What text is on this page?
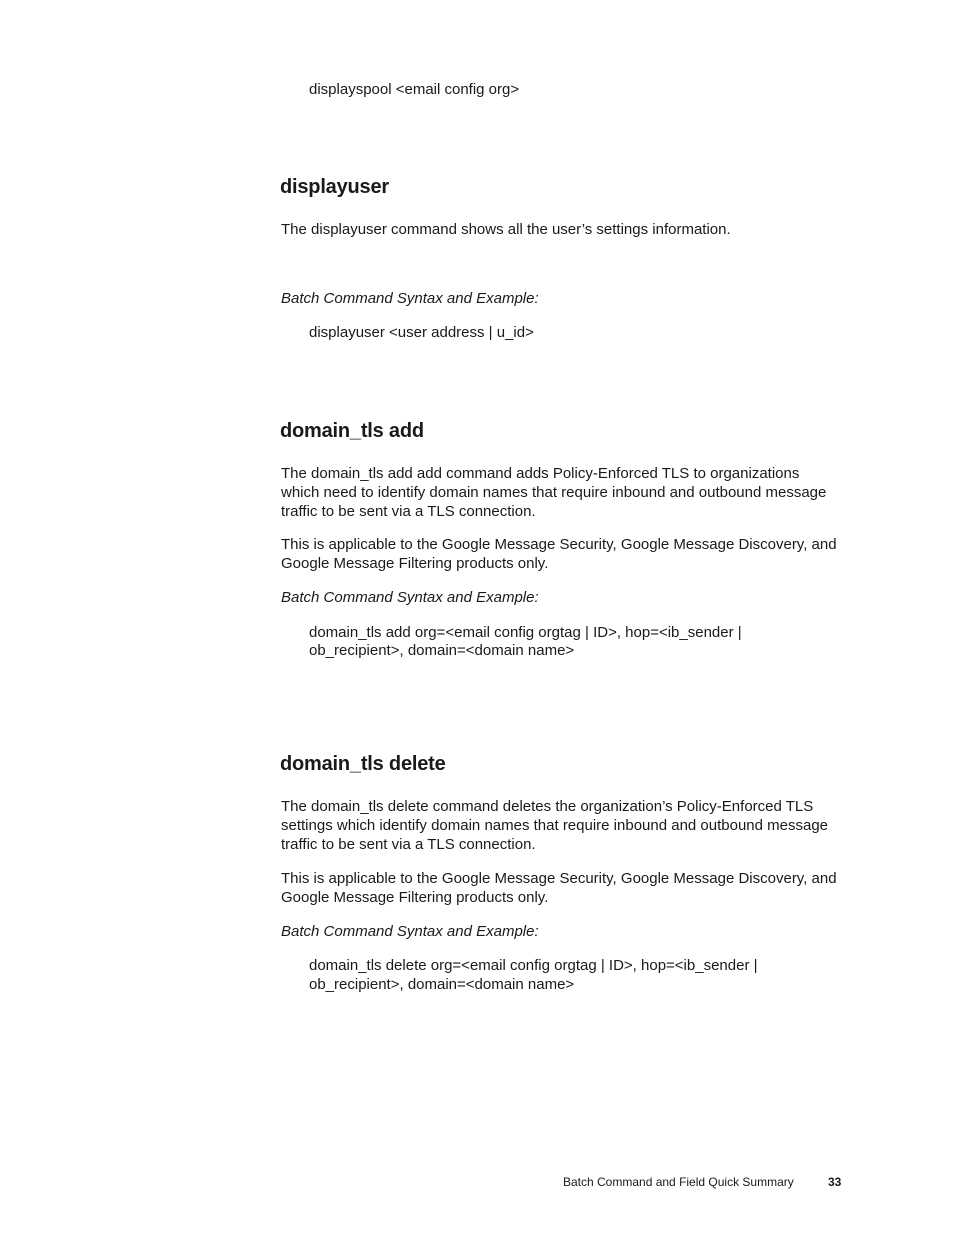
displayspool <email config org>

displayuser

The displayuser command shows all the user’s settings information.

Batch Command Syntax and Example:

displayuser <user address | u_id>

domain_tls add

The domain_tls add add command adds Policy-Enforced TLS to organizations which need to identify domain names that require inbound and outbound message traffic to be sent via a TLS connection.

This is applicable to the Google Message Security, Google Message Discovery, and Google Message Filtering products only.

Batch Command Syntax and Example:

domain_tls add org=<email config orgtag | ID>, hop=<ib_sender |

ob_recipient>, domain=<domain name>

domain_tls delete

The domain_tls delete command deletes the organization’s Policy-Enforced TLS settings which identify domain names that require inbound and outbound message traffic to be sent via a TLS connection.

This is applicable to the Google Message Security, Google Message Discovery, and Google Message Filtering products only.

Batch Command Syntax and Example:

domain_tls delete org=<email config orgtag | ID>, hop=<ib_sender |

ob_recipient>, domain=<domain name>

Batch Command and Field Quick Summary	33
